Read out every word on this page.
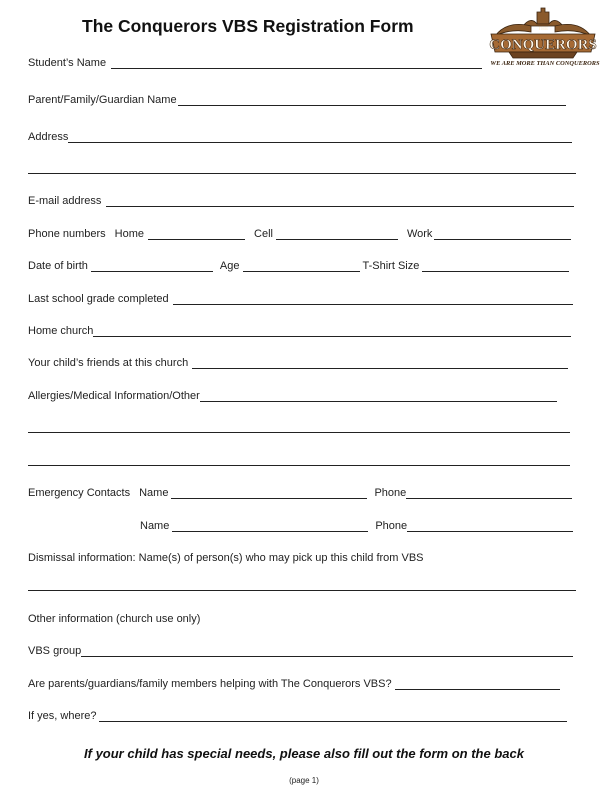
The Conquerors VBS Registration Form	THE
CONQUERORS
WE ARE MORE THAN CONQUERORS
Student’s Name
Parent/Family/Guardian Name
Address
E-mail address
Phone numbers Home	Cell	Work
Date of birth	Age	T-Shirt Size
Last school grade completed
Home church
Your child’s friends at this church
Allergies/Medical Information/Other
Emergency Contacts Name	Phone
Name	Phone
Dismissal information: Name(s) of person(s) who may pick up this child from VBS
Other information (church use only)
VBS group
Are parents/guardians/family members helping with The Conquerors VBS?
If yes, where?
If your child has special needs, please also fill out the form on the back
(page 1)
